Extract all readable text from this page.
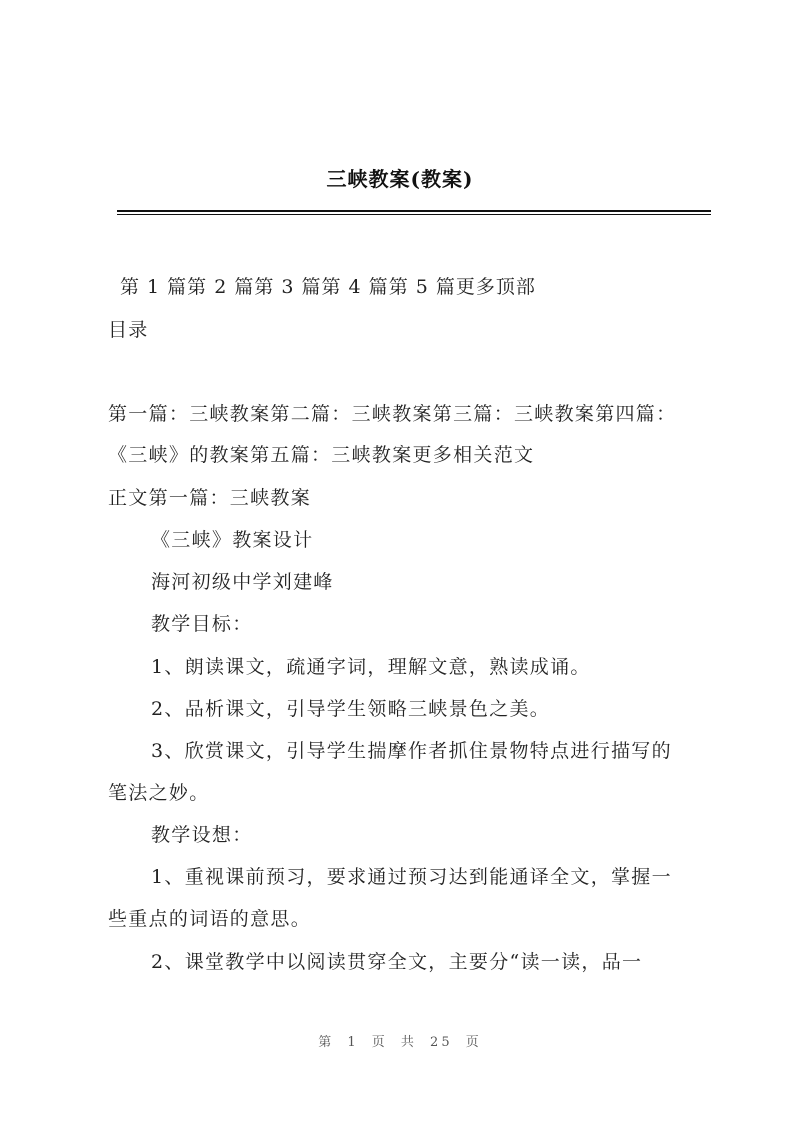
三峡教案(教案)
第 1 篇第 2 篇第 3 篇第 4 篇第 5 篇更多顶部
目录
第一篇：三峡教案第二篇：三峡教案第三篇：三峡教案第四篇：
《三峡》的教案第五篇：三峡教案更多相关范文
正文第一篇：三峡教案
《三峡》教案设计
海河初级中学刘建峰
教学目标：
1、朗读课文，疏通字词，理解文意，熟读成诵。
2、品析课文，引导学生领略三峡景色之美。
3、欣赏课文，引导学生揣摩作者抓住景物特点进行描写的
笔法之妙。
教学设想：
1、重视课前预习，要求通过预习达到能通译全文，掌握一
些重点的词语的意思。
2、课堂教学中以阅读贯穿全文，主要分“读一读，品一
第 1 页 共 25 页
